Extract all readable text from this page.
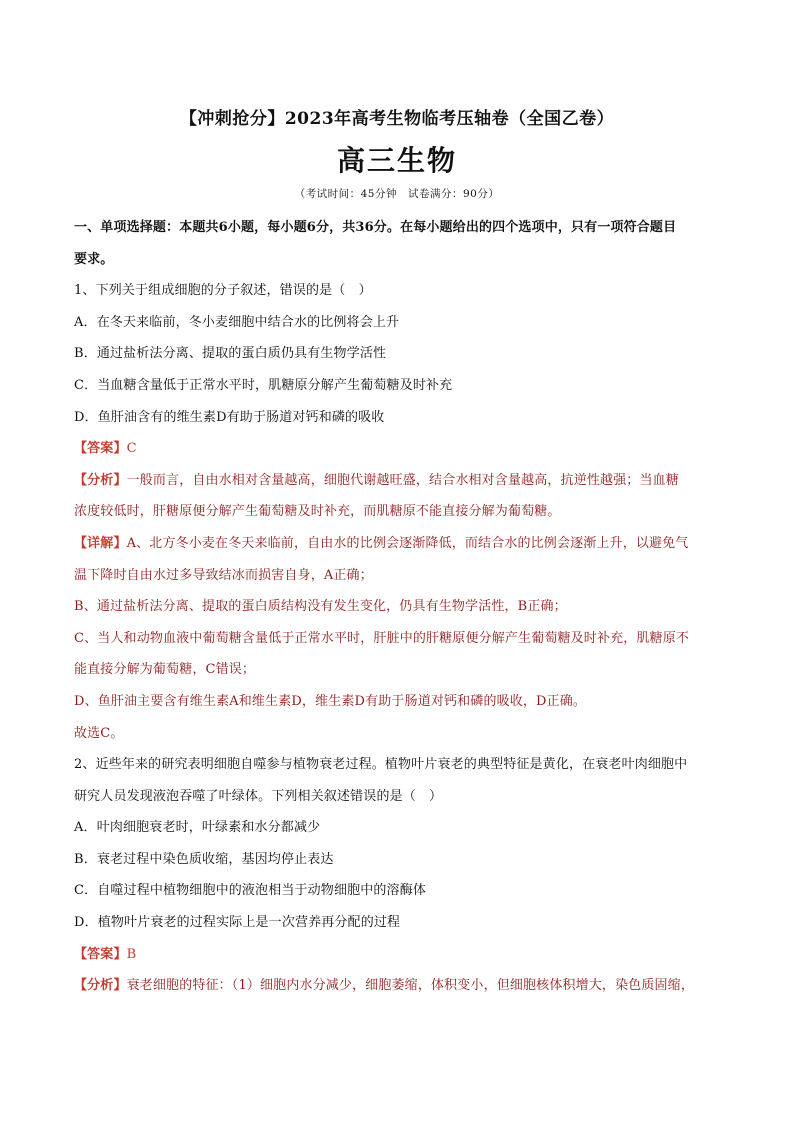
【冲刺抢分】2023年高考生物临考压轴卷（全国乙卷）
高三生物
（考试时间：45分钟　试卷满分：90分）
一、单项选择题：本题共6小题，每小题6分，共36分。在每小题给出的四个选项中，只有一项符合题目
要求。
1、下列关于组成细胞的分子叙述，错误的是（　）
A．在冬天来临前，冬小麦细胞中结合水的比例将会上升
B．通过盐析法分离、提取的蛋白质仍具有生物学活性
C．当血糖含量低于正常水平时，肌糖原分解产生葡萄糖及时补充
D．鱼肝油含有的维生素D有助于肠道对钙和磷的吸收
【答案】C
【分析】一般而言，自由水相对含量越高，细胞代谢越旺盛，结合水相对含量越高，抗逆性越强；当血糖
浓度较低时，肝糖原便分解产生葡萄糖及时补充，而肌糖原不能直接分解为葡萄糖。
【详解】A、北方冬小麦在冬天来临前，自由水的比例会逐渐降低，而结合水的比例会逐渐上升，以避免气
温下降时自由水过多导致结冰而损害自身，A正确；
B、通过盐析法分离、提取的蛋白质结构没有发生变化，仍具有生物学活性，B正确；
C、当人和动物血液中葡萄糖含量低于正常水平时，肝脏中的肝糖原便分解产生葡萄糖及时补充，肌糖原不
能直接分解为葡萄糖，C错误；
D、鱼肝油主要含有维生素A和维生素D，维生素D有助于肠道对钙和磷的吸收，D正确。
故选C。
2、近些年来的研究表明细胞自噬参与植物衰老过程。植物叶片衰老的典型特征是黄化，在衰老叶肉细胞中
研究人员发现液泡吞噬了叶绿体。下列相关叙述错误的是（　）
A．叶肉细胞衰老时，叶绿素和水分都减少
B．衰老过程中染色质收缩，基因均停止表达
C．自噬过程中植物细胞中的液泡相当于动物细胞中的溶酶体
D．植物叶片衰老的过程实际上是一次营养再分配的过程
【答案】B
【分析】衰老细胞的特征：（1）细胞内水分减少，细胞萎缩，体积变小，但细胞核体积增大，染色质固缩，
